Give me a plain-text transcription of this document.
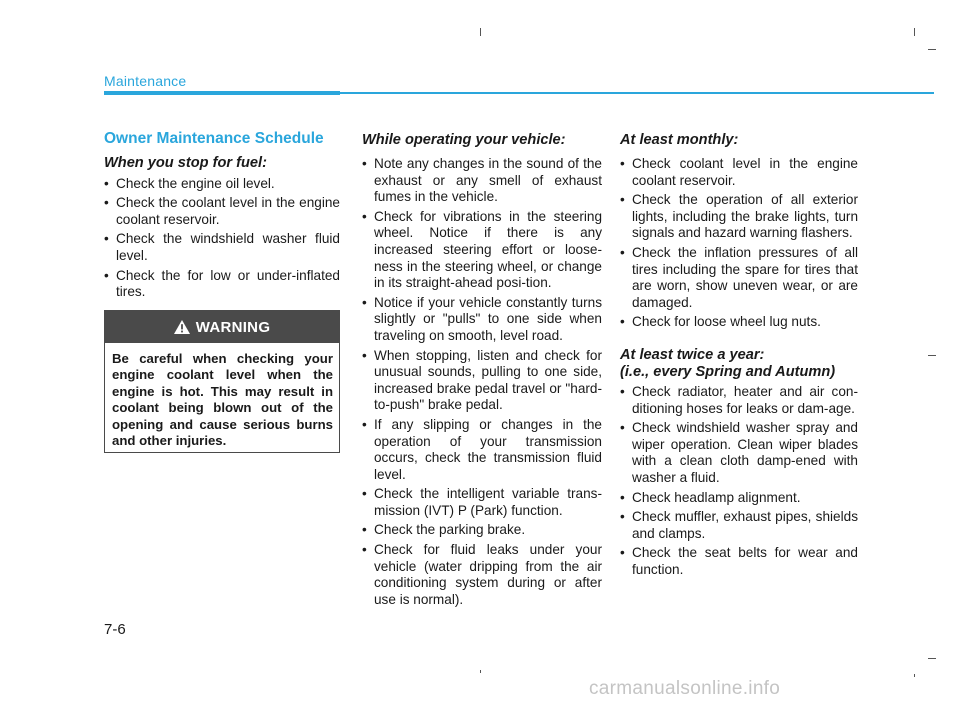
Maintenance
Owner Maintenance Schedule
When you stop for fuel:
• Check the engine oil level.
• Check the coolant level in the engine coolant reservoir.
• Check the windshield washer fluid level.
• Check the for low or under-inflated tires.
WARNING
Be careful when checking your engine coolant level when the engine is hot. This may result in coolant being blown out of the opening and cause serious burns and other injuries.
While operating your vehicle:
• Note any changes in the sound of the exhaust or any smell of exhaust fumes in the vehicle.
• Check for vibrations in the steering wheel. Notice if there is any increased steering effort or loose-ness in the steering wheel, or change in its straight-ahead posi-tion.
• Notice if your vehicle constantly turns slightly or "pulls" to one side when traveling on smooth, level road.
• When stopping, listen and check for unusual sounds, pulling to one side, increased brake pedal travel or "hard-to-push" brake pedal.
• If any slipping or changes in the operation of your transmission occurs, check the transmission fluid level.
• Check the intelligent variable trans-mission (IVT) P (Park) function.
• Check the parking brake.
• Check for fluid leaks under your vehicle (water dripping from the air conditioning system during or after use is normal).
At least monthly:
• Check coolant level in the engine coolant reservoir.
• Check the operation of all exterior lights, including the brake lights, turn signals and hazard warning flashers.
• Check the inflation pressures of all tires including the spare for tires that are worn, show uneven wear, or are damaged.
• Check for loose wheel lug nuts.
At least twice a year:
(i.e., every Spring and Autumn)
• Check radiator, heater and air con-ditioning hoses for leaks or dam-age.
• Check windshield washer spray and wiper operation. Clean wiper blades with a clean cloth damp-ened with washer a fluid.
• Check headlamp alignment.
• Check muffler, exhaust pipes, shields and clamps.
• Check the seat belts for wear and function.
7-6
carmanualsonline.info
